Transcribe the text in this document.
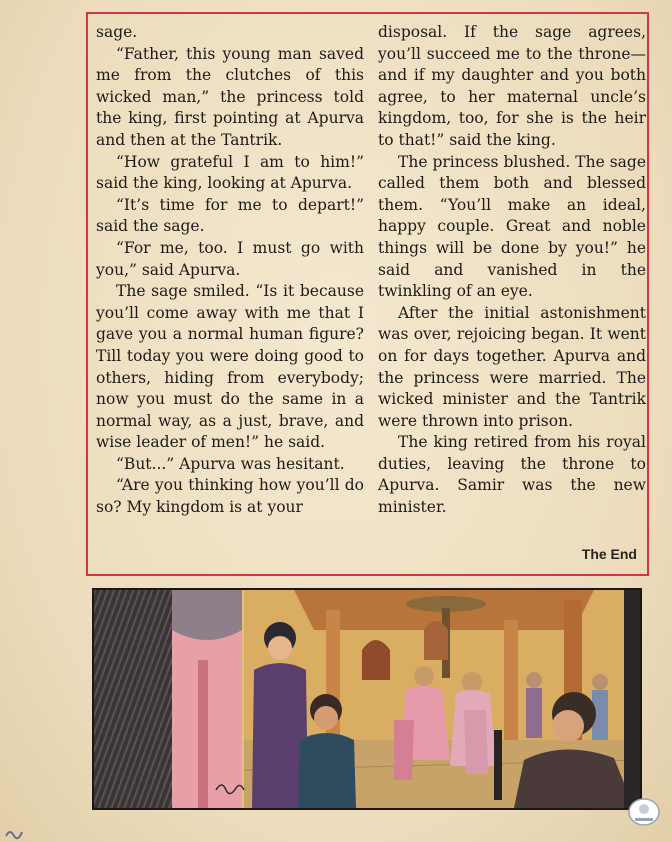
sage.

“Father, this young man saved me from the clutches of this wicked man,” the princess told the king, first pointing at Apurva and then at the Tantrik.

“How grateful I am to him!” said the king, looking at Apurva.

“It’s time for me to depart!” said the sage.

“For me, too. I must go with you,” said Apurva.

The sage smiled. “Is it because you’ll come away with me that I gave you a normal human figure? Till today you were doing good to others, hiding from everybody; now you must do the same in a normal way, as a just, brave, and wise leader of men!” he said.

“But...” Apurva was hesitant.

“Are you thinking how you’ll do so? My kingdom is at your

disposal. If the sage agrees, you’ll succeed me to the throne—and if my daughter and you both agree, to her maternal uncle’s kingdom, too, for she is the heir to that!” said the king.

The princess blushed. The sage called them both and blessed them. “You’ll make an ideal, happy couple. Great and noble things will be done by you!” he said and vanished in the twinkling of an eye.

After the initial astonishment was over, rejoicing began. It went on for days together. Apurva and the princess were married. The wicked minister and the Tantrik were thrown into prison.

The king retired from his royal duties, leaving the throne to Apurva. Samir was the new minister.

The End
